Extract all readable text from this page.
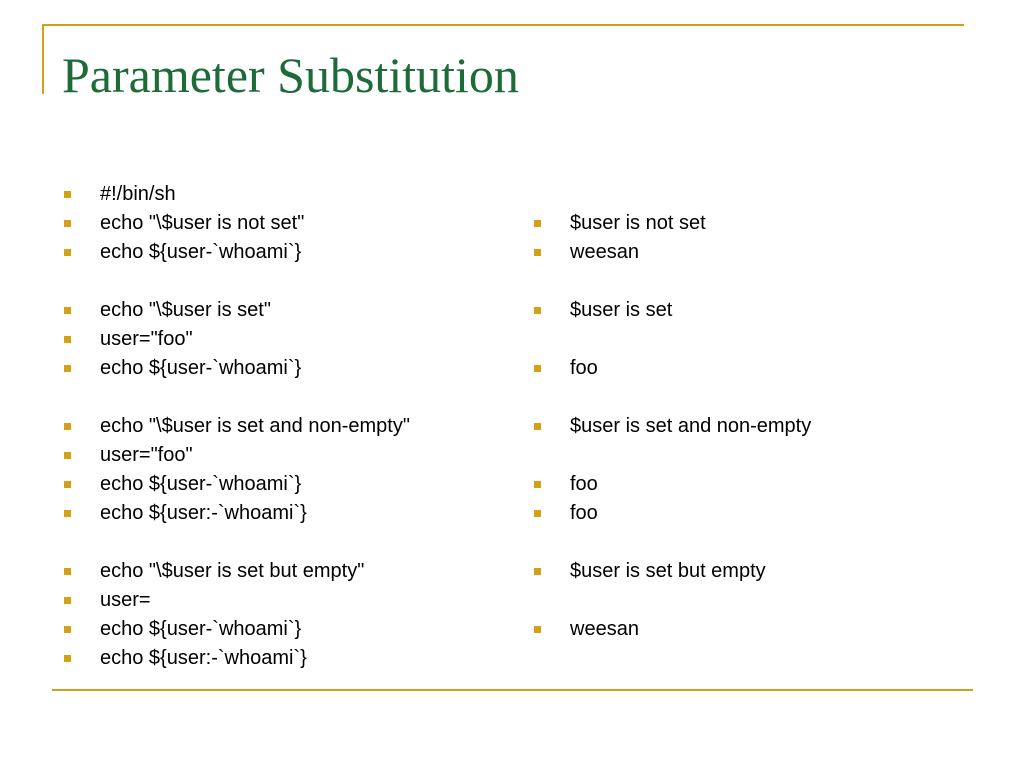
Parameter Substitution
#!/bin/sh
echo "\$user is not set"
echo ${user-`whoami`}
echo "\$user is set"
user="foo"
echo ${user-`whoami`}
echo "\$user is set and non-empty"
user="foo"
echo ${user-`whoami`}
echo ${user:-`whoami`}
echo "\$user is set but empty"
user=
echo ${user-`whoami`}
echo ${user:-`whoami`}
$user is not set
weesan
$user is set
foo
$user is set and non-empty
foo
foo
$user is set but empty
weesan
